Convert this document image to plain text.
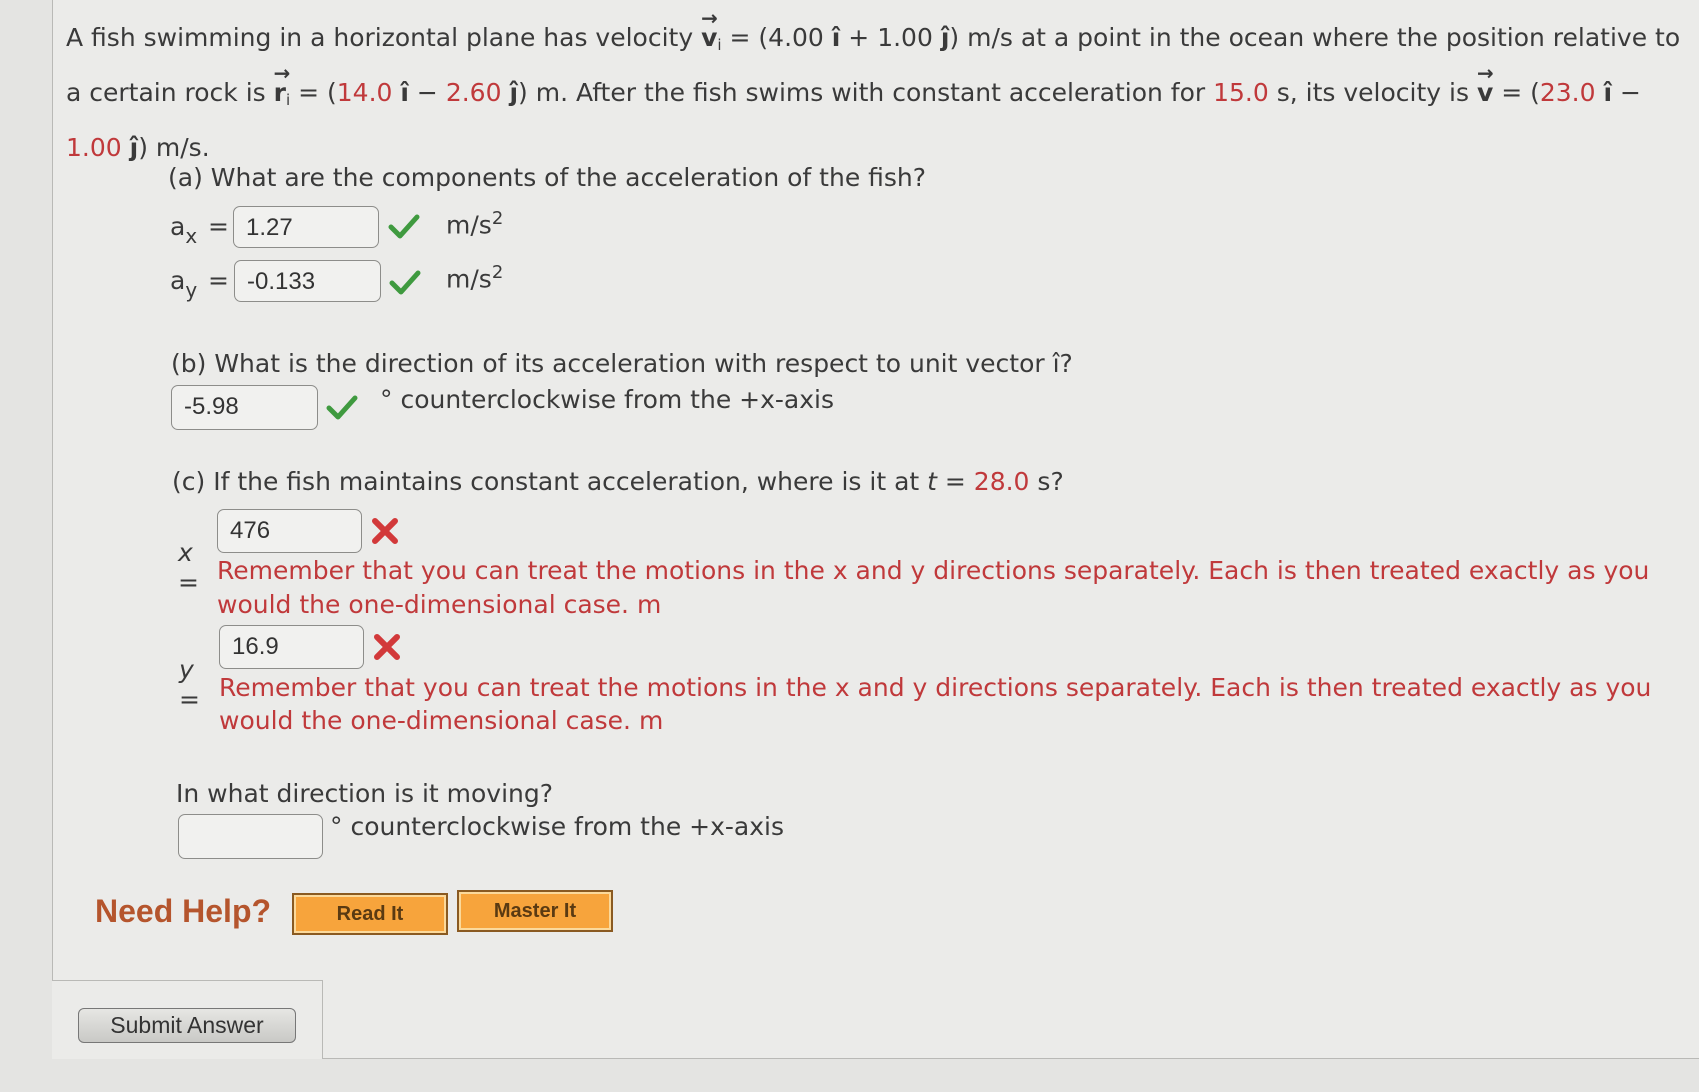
A fish swimming in a horizontal plane has velocity → $v_i = (4.00$ î + 1.00 ĵ) m/s at a point in the ocean where the position relative to a certain rock is → $r_i = (14.0$ î − 2.60 ĵ) m. After the fish swims with constant acceleration for 15.0 s, its velocity is → v = (23.0 î − 1.00 ĵ) m/s.
(a) What are the components of the acceleration of the fish?
$a_x = 1.27$	$m/s^2$
$a_y = -0.133$	$m/s^2$
(b) What is the direction of its acceleration with respect to unit vector î?
-5.98	° counterclockwise from the +x-axis
(c) If the fish maintains constant acceleration, where is it at t = 28.0 s?
476
x
= Remember that you can treat the motions in the x and y directions separately. Each is then treated exactly as you
would the one-dimensional case. m
16.9
y
= Remember that you can treat the motions in the x and y directions separately. Each is then treated exactly as you
would the one-dimensional case. m
In what direction is it moving?
° counterclockwise from the +x-axis
Need Help?	Read It	Master It
Submit Answer
